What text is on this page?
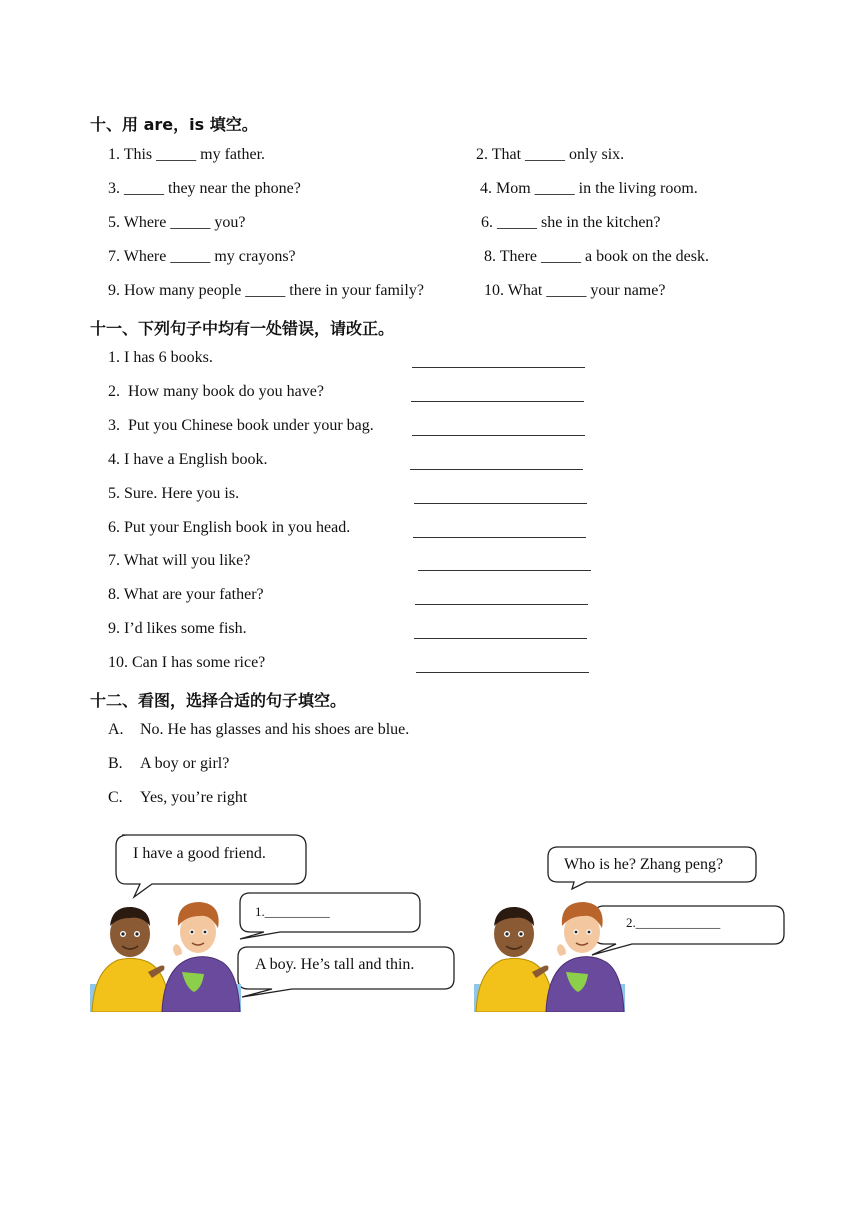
十、用 are，is 填空。
1. This _____ my father.	2. That _____ only six.
3. _____ they near the phone?	4. Mom _____ in the living room.
5. Where _____ you?	6. _____ she in the kitchen?
7. Where _____ my crayons?	8. There _____ a book on the desk.
9. How many people _____ there in your family?	10. What _____ your name?
十一、下列句子中均有一处错误，请改正。
1. I has 6 books.
2.  How many book do you have?
3.  Put you Chinese book under your bag.
4. I have a English book.
5. Sure. Here you is.
6. Put your English book in you head.
7. What will you like?
8. What are your father?
9. I’d likes some fish.
10. Can I has some rice?
十二、看图，选择合适的句子填空。
A. No. He has glasses and his shoes are blue.
B. A boy or girl?
C. Yes, you’re right
I have a good friend.
1.__________
A boy. He’s tall and thin.
Who is he? Zhang peng?
2._____________
